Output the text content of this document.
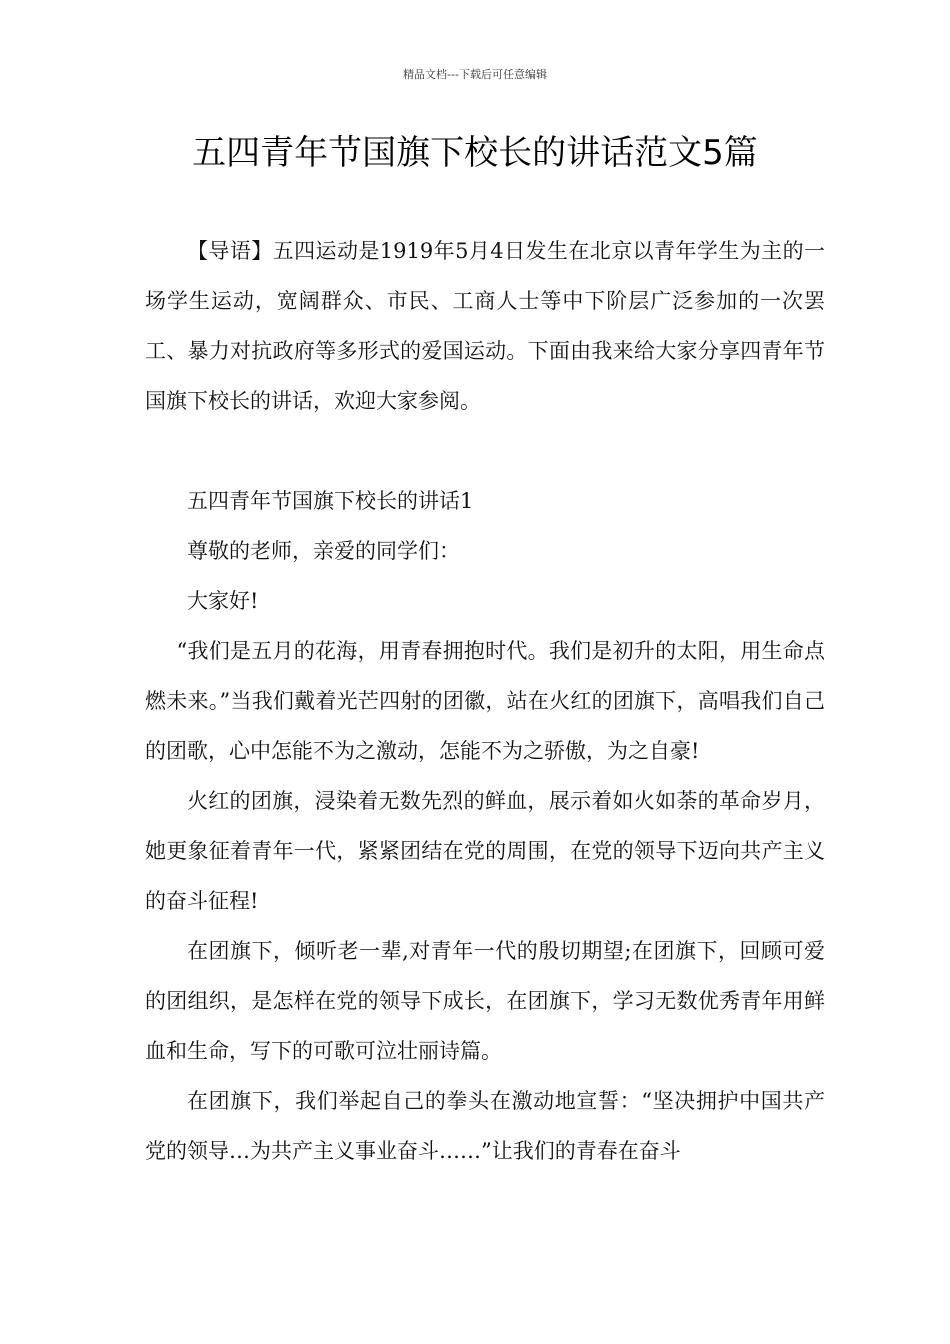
精品文档---下载后可任意编辑
五四青年节国旗下校长的讲话范文5篇

【导语】五四运动是1919年5月4日发生在北京以青年学生为主的一场学生运动，宽阔群众、市民、工商人士等中下阶层广泛参加的一次罢工、暴力对抗政府等多形式的爱国运动。下面由我来给大家分享四青年节国旗下校长的讲话，欢迎大家参阅。

五四青年节国旗下校长的讲话1

尊敬的老师，亲爱的同学们：

大家好!

“我们是五月的花海，用青春拥抱时代。我们是初升的太阳，用生命点燃未来。”当我们戴着光芒四射的团徽，站在火红的团旗下，高唱我们自己的团歌，心中怎能不为之激动，怎能不为之骄傲，为之自豪!

火红的团旗，浸染着无数先烈的鲜血，展示着如火如荼的革命岁月，她更象征着青年一代，紧紧团结在党的周围，在党的领导下迈向共产主义的奋斗征程!

在团旗下，倾听老一辈,对青年一代的殷切期望;在团旗下，回顾可爱的团组织，是怎样在党的领导下成长，在团旗下，学习无数优秀青年用鲜血和生命，写下的可歌可泣壮丽诗篇。

在团旗下，我们举起自己的拳头在激动地宣誓：“坚决拥护中国共产党的领导…为共产主义事业奋斗……”让我们的青春在奋斗
